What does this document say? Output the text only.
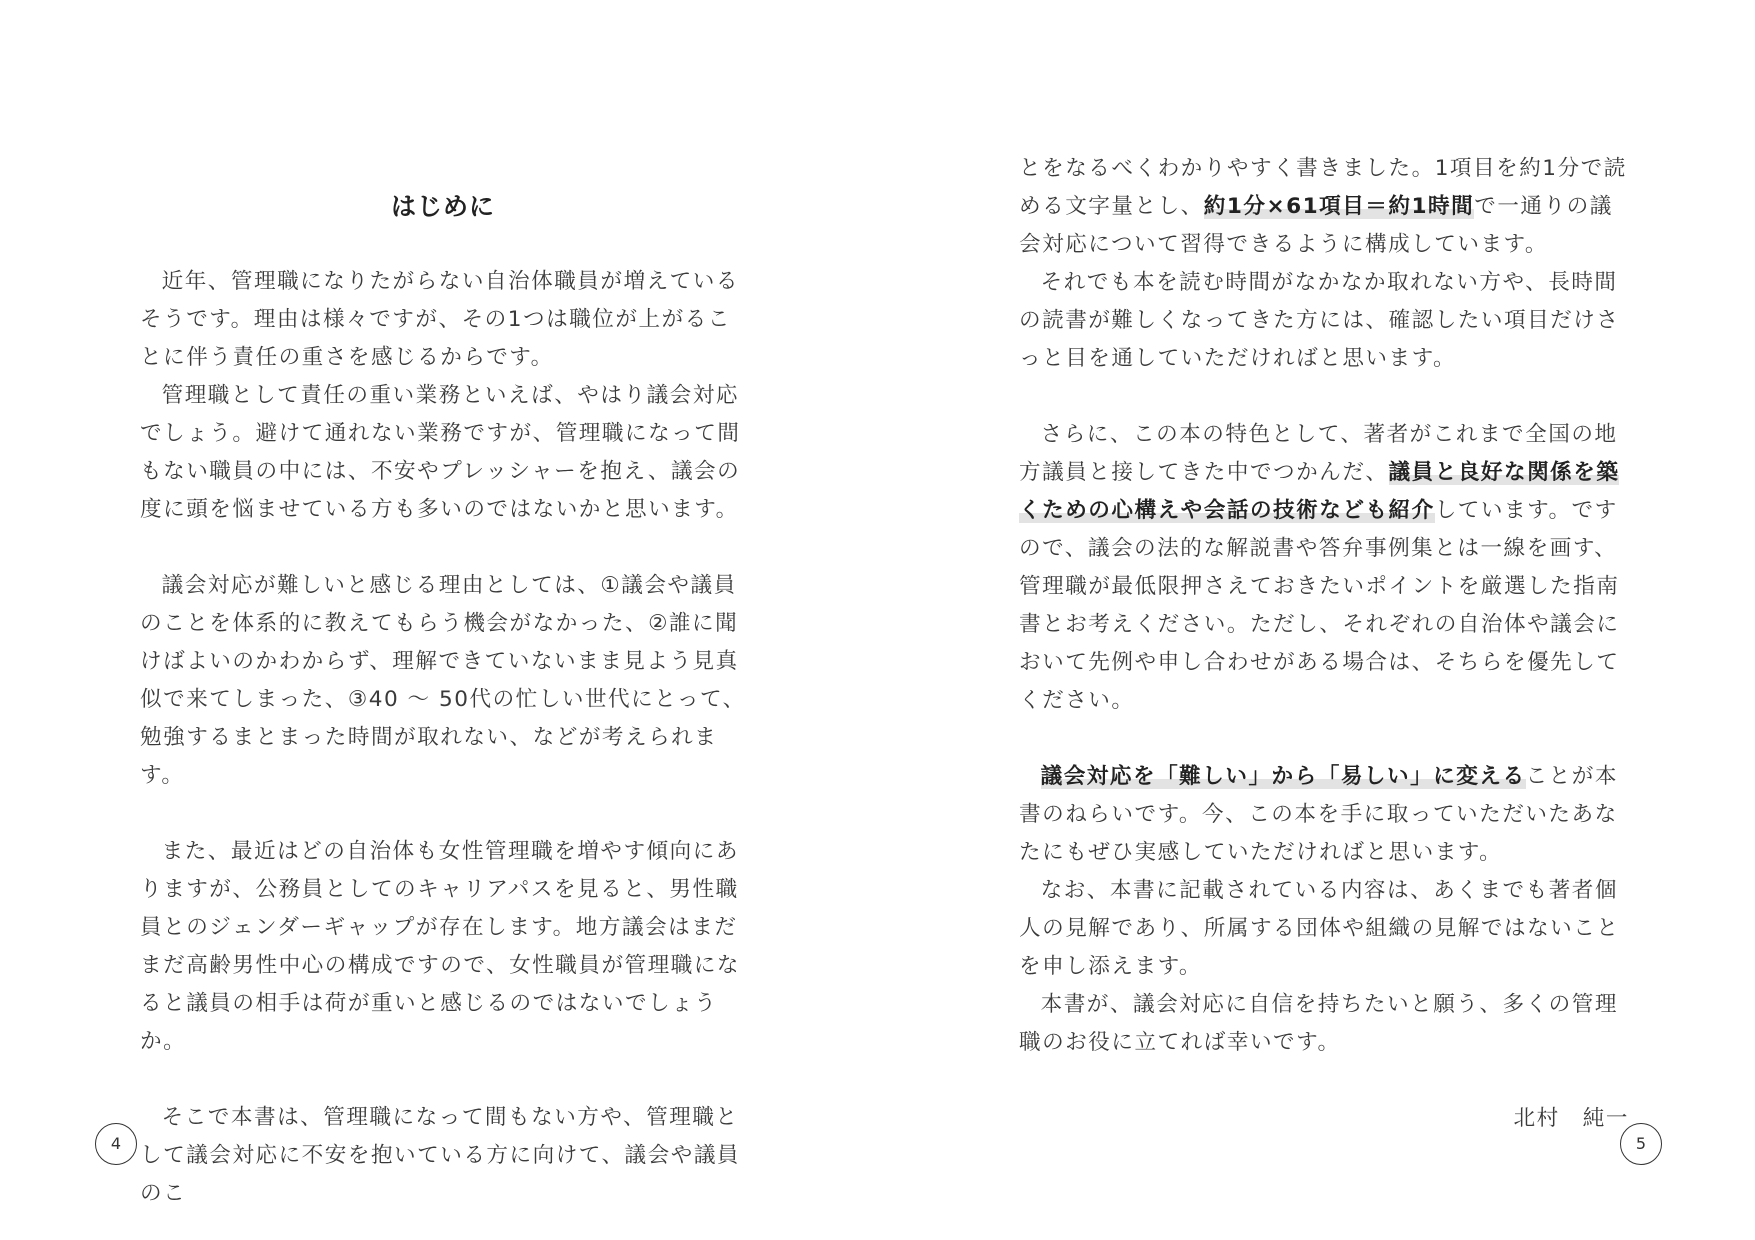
はじめに

近年、管理職になりたがらない自治体職員が増えているそうです。理由は様々ですが、その1つは職位が上がることに伴う責任の重さを感じるからです。

管理職として責任の重い業務といえば、やはり議会対応でしょう。避けて通れない業務ですが、管理職になって間もない職員の中には、不安やプレッシャーを抱え、議会の度に頭を悩ませている方も多いのではないかと思います。

議会対応が難しいと感じる理由としては、①議会や議員のことを体系的に教えてもらう機会がなかった、②誰に聞けばよいのかわからず、理解できていないまま見よう見真似で来てしまった、③40 ～ 50代の忙しい世代にとって、勉強するまとまった時間が取れない、などが考えられます。

また、最近はどの自治体も女性管理職を増やす傾向にありますが、公務員としてのキャリアパスを見ると、男性職員とのジェンダーギャップが存在します。地方議会はまだまだ高齢男性中心の構成ですので、女性職員が管理職になると議員の相手は荷が重いと感じるのではないでしょうか。

そこで本書は、管理職になって間もない方や、管理職として議会対応に不安を抱いている方に向けて、議会や議員のこ

4

とをなるべくわかりやすく書きました。1項目を約1分で読める文字量とし、約1分×61項目＝約1時間で一通りの議会対応について習得できるように構成しています。

それでも本を読む時間がなかなか取れない方や、長時間の読書が難しくなってきた方には、確認したい項目だけさっと目を通していただければと思います。

さらに、この本の特色として、著者がこれまで全国の地方議員と接してきた中でつかんだ、議員と良好な関係を築くための心構えや会話の技術なども紹介しています。ですので、議会の法的な解説書や答弁事例集とは一線を画す、管理職が最低限押さえておきたいポイントを厳選した指南書とお考えください。ただし、それぞれの自治体や議会において先例や申し合わせがある場合は、そちらを優先してください。

議会対応を「難しい」から「易しい」に変えることが本書のねらいです。今、この本を手に取っていただいたあなたにもぜひ実感していただければと思います。

なお、本書に記載されている内容は、あくまでも著者個人の見解であり、所属する団体や組織の見解ではないことを申し添えます。

本書が、議会対応に自信を持ちたいと願う、多くの管理職のお役に立てれば幸いです。

北村　純一

5
